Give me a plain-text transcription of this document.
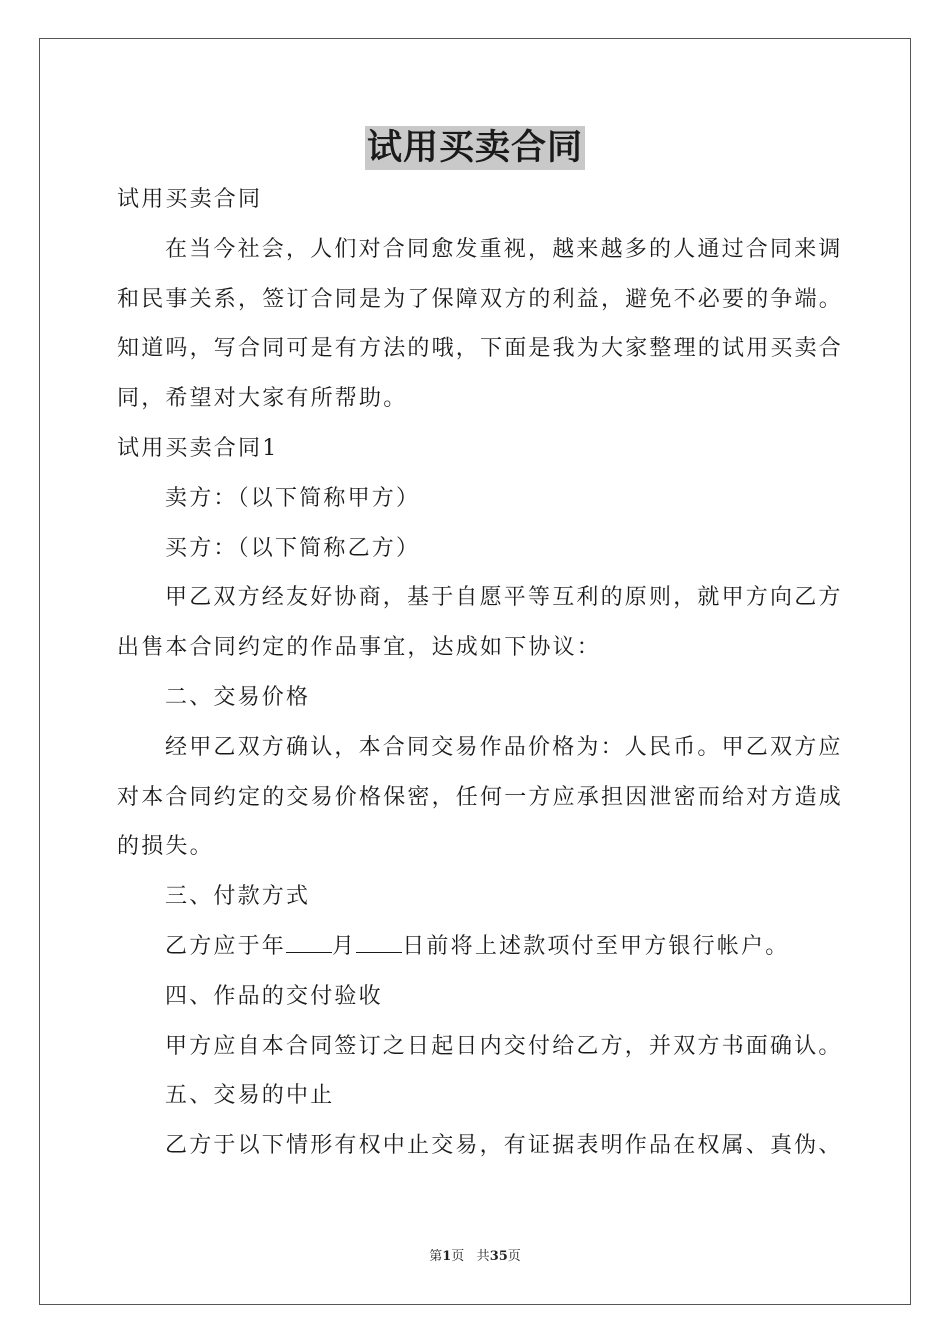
试用买卖合同
试用买卖合同
在当今社会，人们对合同愈发重视，越来越多的人通过合同来调
和民事关系，签订合同是为了保障双方的利益，避免不必要的争端。
知道吗，写合同可是有方法的哦，下面是我为大家整理的试用买卖合
同，希望对大家有所帮助。
试用买卖合同1
卖方：（以下简称甲方）
买方：（以下简称乙方）
甲乙双方经友好协商，基于自愿平等互利的原则，就甲方向乙方
出售本合同约定的作品事宜，达成如下协议：
二、交易价格
经甲乙双方确认，本合同交易作品价格为：人民币。甲乙双方应
对本合同约定的交易价格保密，任何一方应承担因泄密而给对方造成
的损失。
三、付款方式
乙方应于年 月 日前将上述款项付至甲方银行帐户。
四、作品的交付验收
甲方应自本合同签订之日起日内交付给乙方，并双方书面确认。
五、交易的中止
乙方于以下情形有权中止交易，有证据表明作品在权属、真伪、
第1页 共35页
